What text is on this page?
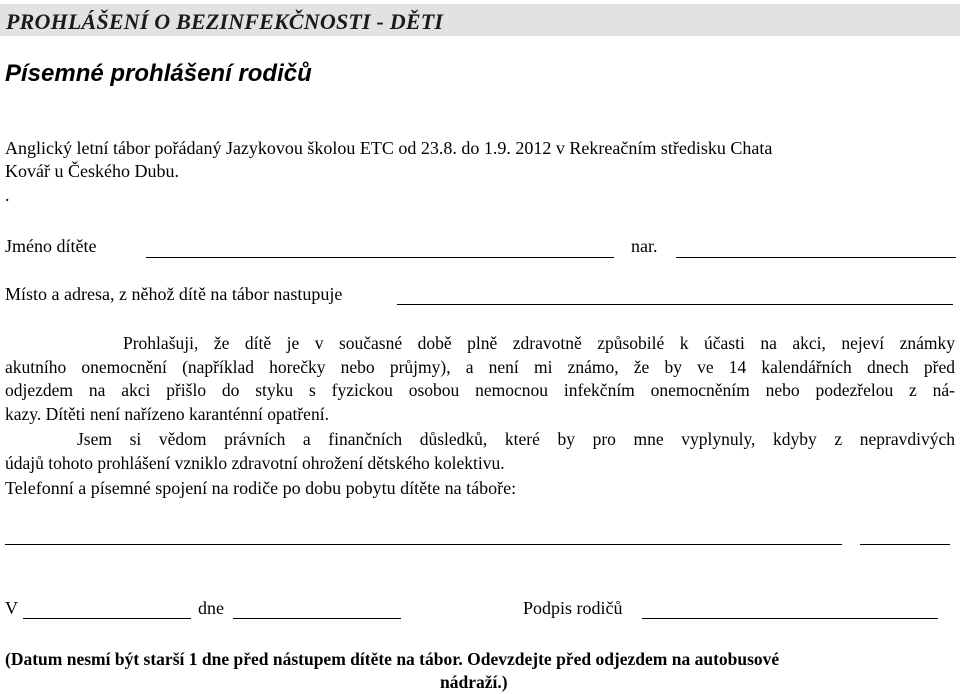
PROHLÁŠENÍ O BEZINFEKČNOSTI - DĚTI
Písemné prohlášení rodičů
Anglický letní tábor pořádaný Jazykovou školou ETC od 23.8. do 1.9. 2012 v Rekreačním středisku Chata
Kovář u Českého Dubu.
.
Jméno dítěte	nar.
Místo a adresa, z něhož dítě na tábor nastupuje
Prohlašuji, že dítě je v současné době plně zdravotně způsobilé k účasti na akci, nejeví známky
akutního onemocnění (například horečky nebo průjmy), a není mi známo, že by ve 14 kalendářních dnech před
odjezdem na akci přišlo do styku s fyzickou osobou nemocnou infekčním onemocněním nebo podezřelou z ná-
kazy. Dítěti není nařízeno karanténní opatření.
Jsem si vědom právních a finančních důsledků, které by pro mne vyplynuly, kdyby z nepravdivých
údajů tohoto prohlášení vzniklo zdravotní ohrožení dětského kolektivu.
Telefonní a písemné spojení na rodiče po dobu pobytu dítěte na táboře:
V	dne	Podpis rodičů
(Datum nesmí být starší 1 dne před nástupem dítěte na tábor. Odevzdejte před odjezdem na autobusové
nádraží.)
